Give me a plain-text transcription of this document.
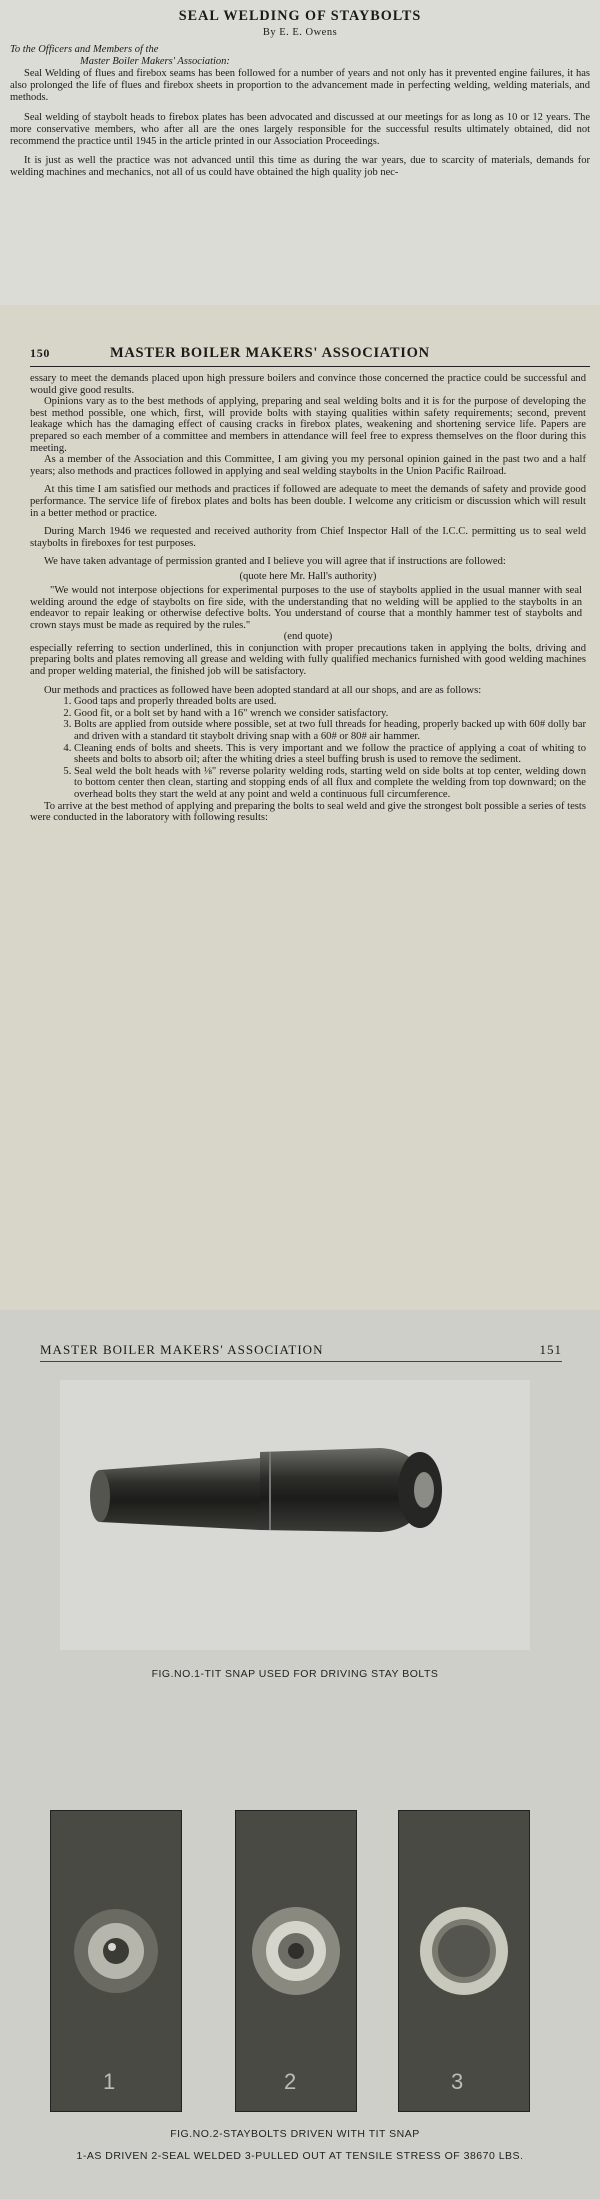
SEAL WELDING OF STAYBOLTS
By E. E. Owens
To the Officers and Members of the
Master Boiler Makers' Association:

Seal Welding of flues and firebox seams has been followed for a number of years and not only has it prevented engine failures, it has also prolonged the life of flues and firebox sheets in proportion to the advancement made in perfecting welding, welding materials, and methods.

Seal welding of staybolt heads to firebox plates has been advocated and discussed at our meetings for as long as 10 or 12 years. The more conservative members, who after all are the ones largely responsible for the successful results ultimately obtained, did not recommend the practice until 1945 in the article printed in our Association Proceedings.

It is just as well the practice was not advanced until this time as during the war years, due to scarcity of materials, demands for welding machines and mechanics, not all of us could have obtained the high quality job nec-

150	MASTER BOILER MAKERS' ASSOCIATION

essary to meet the demands placed upon high pressure boilers and convince those concerned the practice could be successful and would give good results.

Opinions vary as to the best methods of applying, preparing and seal welding bolts and it is for the purpose of developing the best method possible, one which, first, will provide bolts with staying qualities within safety requirements; second, prevent leakage which has the damaging effect of causing cracks in firebox plates, weakening and shortening service life. Papers are prepared so each member of a committee and members in attendance will feel free to express themselves on the floor during this meeting.

As a member of the Association and this Committee, I am giving you my personal opinion gained in the past two and a half years; also methods and practices followed in applying and seal welding staybolts in the Union Pacific Railroad.

At this time I am satisfied our methods and practices if followed are adequate to meet the demands of safety and provide good performance. The service life of firebox plates and bolts has been double. I welcome any criticism or discussion which will result in a better method or practice.

During March 1946 we requested and received authority from Chief Inspector Hall of the I.C.C. permitting us to seal weld staybolts in fireboxes for test purposes.

We have taken advantage of permission granted and I believe you will agree that if instructions are followed:

(quote here Mr. Hall's authority)
"We would not interpose objections for experimental purposes to the use of staybolts applied in the usual manner with seal welding around the edge of staybolts on fire side, with the understanding that no welding will be applied to the staybolts in an endeavor to repair leaking or otherwise defective bolts. You understand of course that a monthly hammer test of staybolts and crown stays must be made as required by the rules."
(end quote)

especially referring to section underlined, this in conjunction with proper precautions taken in applying the bolts, driving and preparing bolts and plates removing all grease and welding with fully qualified mechanics furnished with good welding machines and proper welding material, the finished job will be satisfactory.

Our methods and practices as followed have been adopted standard at all our shops, and are as follows:

1. Good taps and properly threaded bolts are used.
2. Good fit, or a bolt set by hand with a 16" wrench we consider satisfactory.
3. Bolts are applied from outside where possible, set at two full threads for heading, properly backed up with 60# dolly bar and driven with a standard tit staybolt driving snap with a 60# or 80# air hammer.
4. Cleaning ends of bolts and sheets. This is very important and we follow the practice of applying a coat of whiting to sheets and bolts to absorb oil; after the whiting dries a steel buffing brush is used to remove the sediment.
5. Seal weld the bolt heads with ⅛" reverse polarity welding rods, starting weld on side bolts at top center, welding down to bottom center then clean, starting and stopping ends of all flux and complete the welding from top downward; on the overhead bolts they start the weld at any point and weld a continuous full circumference.

To arrive at the best method of applying and preparing the bolts to seal weld and give the strongest bolt possible a series of tests were conducted in the laboratory with following results:

MASTER BOILER MAKERS' ASSOCIATION	151
FIG.NO.1-TIT SNAP USED FOR DRIVING STAY BOLTS
1	2	3
FIG.NO.2-STAYBOLTS DRIVEN WITH TIT SNAP
1-AS DRIVEN 2-SEAL WELDED 3-PULLED OUT AT TENSILE STRESS OF 38670 LBS.
